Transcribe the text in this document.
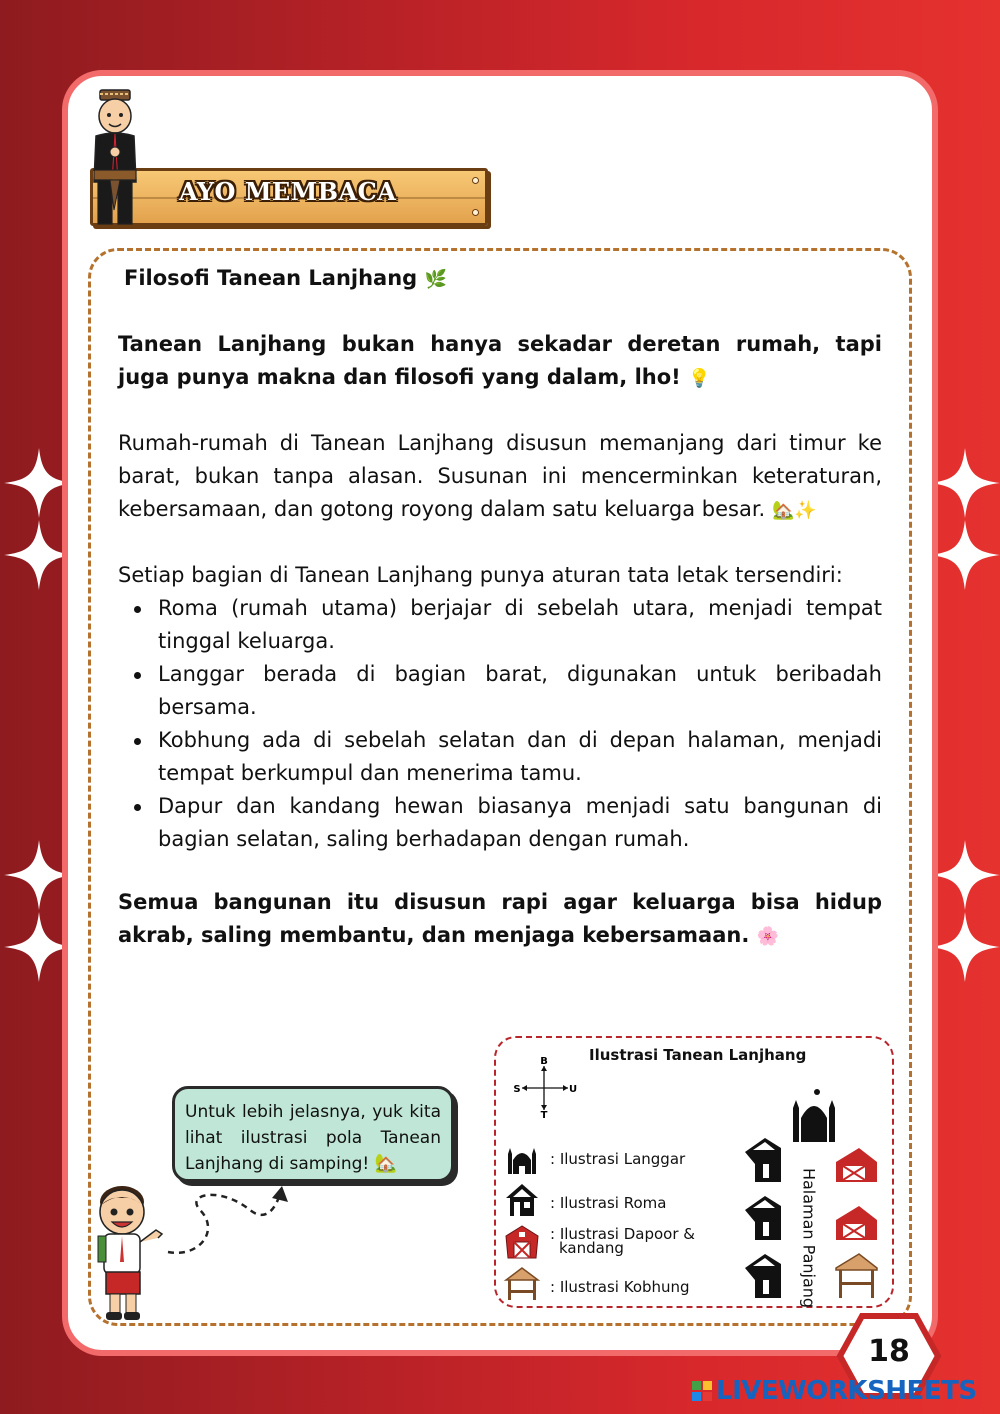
AYO MEMBACA
Filosofi Tanean Lanjhang 🌿
Tanean Lanjhang bukan hanya sekadar deretan rumah, tapi juga punya makna dan filosofi yang dalam, lho! 💡
Rumah-rumah di Tanean Lanjhang disusun memanjang dari timur ke barat, bukan tanpa alasan. Susunan ini mencerminkan keteraturan, kebersamaan, dan gotong royong dalam satu keluarga besar. 🏡✨
Setiap bagian di Tanean Lanjhang punya aturan tata letak tersendiri:
Roma (rumah utama) berjajar di sebelah utara, menjadi tempat tinggal keluarga.
Langgar berada di bagian barat, digunakan untuk beribadah bersama.
Kobhung ada di sebelah selatan dan di depan halaman, menjadi tempat berkumpul dan menerima tamu.
Dapur dan kandang hewan biasanya menjadi satu bangunan di bagian selatan, saling berhadapan dengan rumah.
Semua bangunan itu disusun rapi agar keluarga bisa hidup akrab, saling membantu, dan menjaga kebersamaan. 🌸
Untuk lebih jelasnya, yuk kita lihat ilustrasi pola Tanean Lanjhang di samping! 🏡
Ilustrasi Tanean Lanjhang
B
T
S	U
: Ilustrasi Langgar
: Ilustrasi Roma
: Ilustrasi Dapoor &
kandang
: Ilustrasi Kobhung	Halaman Panjang
18
LIVEWORKSHEETS
